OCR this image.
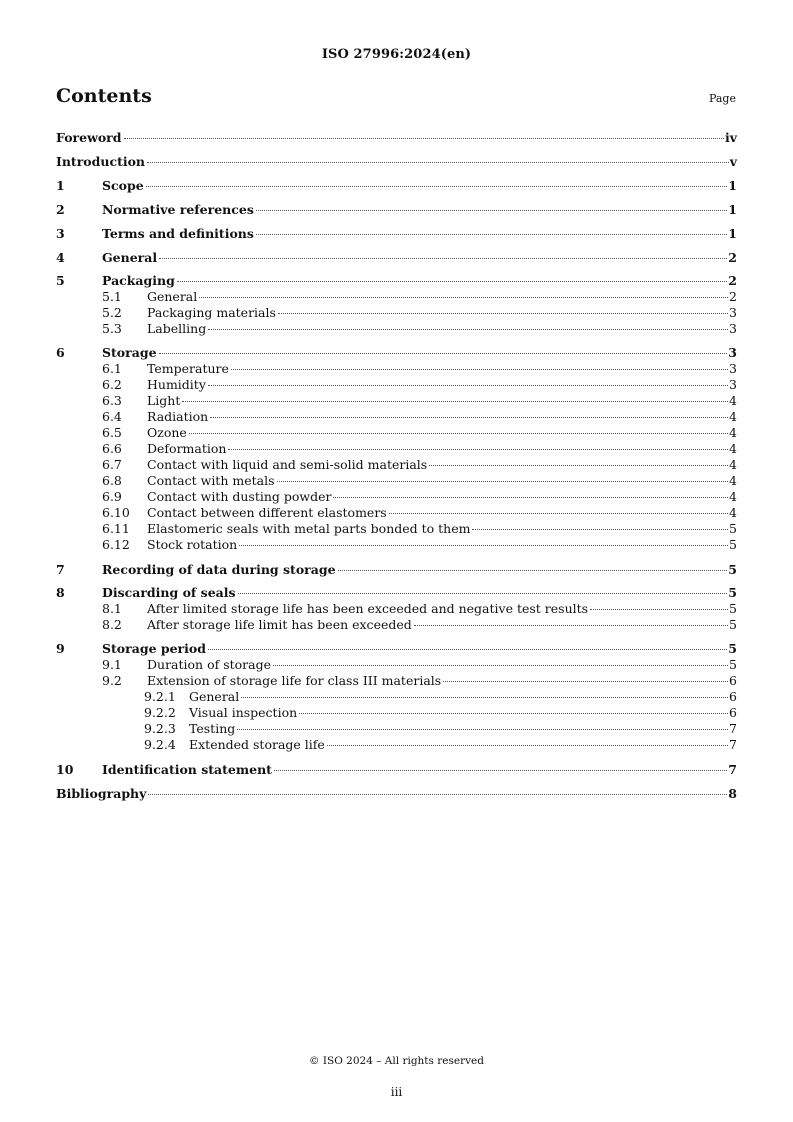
ISO 27996:2024(en)
Contents	Page
Foreword	iv
Introduction	v
1	Scope	1
2	Normative references	1
3	Terms and definitions	1
4	General	2
5	Packaging	2
5.1	General	2
5.2	Packaging materials	3
5.3	Labelling	3
6	Storage	3
6.1	Temperature	3
6.2	Humidity	3
6.3	Light	4
6.4	Radiation	4
6.5	Ozone	4
6.6	Deformation	4
6.7	Contact with liquid and semi-solid materials	4
6.8	Contact with metals	4
6.9	Contact with dusting powder	4
6.10	Contact between different elastomers	4
6.11	Elastomeric seals with metal parts bonded to them	5
6.12	Stock rotation	5
7	Recording of data during storage	5
8	Discarding of seals	5
8.1	After limited storage life has been exceeded and negative test results	5
8.2	After storage life limit has been exceeded	5
9	Storage period	5
9.1	Duration of storage	5
9.2	Extension of storage life for class III materials	6
9.2.1	General	6
9.2.2	Visual inspection	6
9.2.3	Testing	7
9.2.4	Extended storage life	7
10	Identification statement	7
Bibliography	8
© ISO 2024 – All rights reserved
iii
